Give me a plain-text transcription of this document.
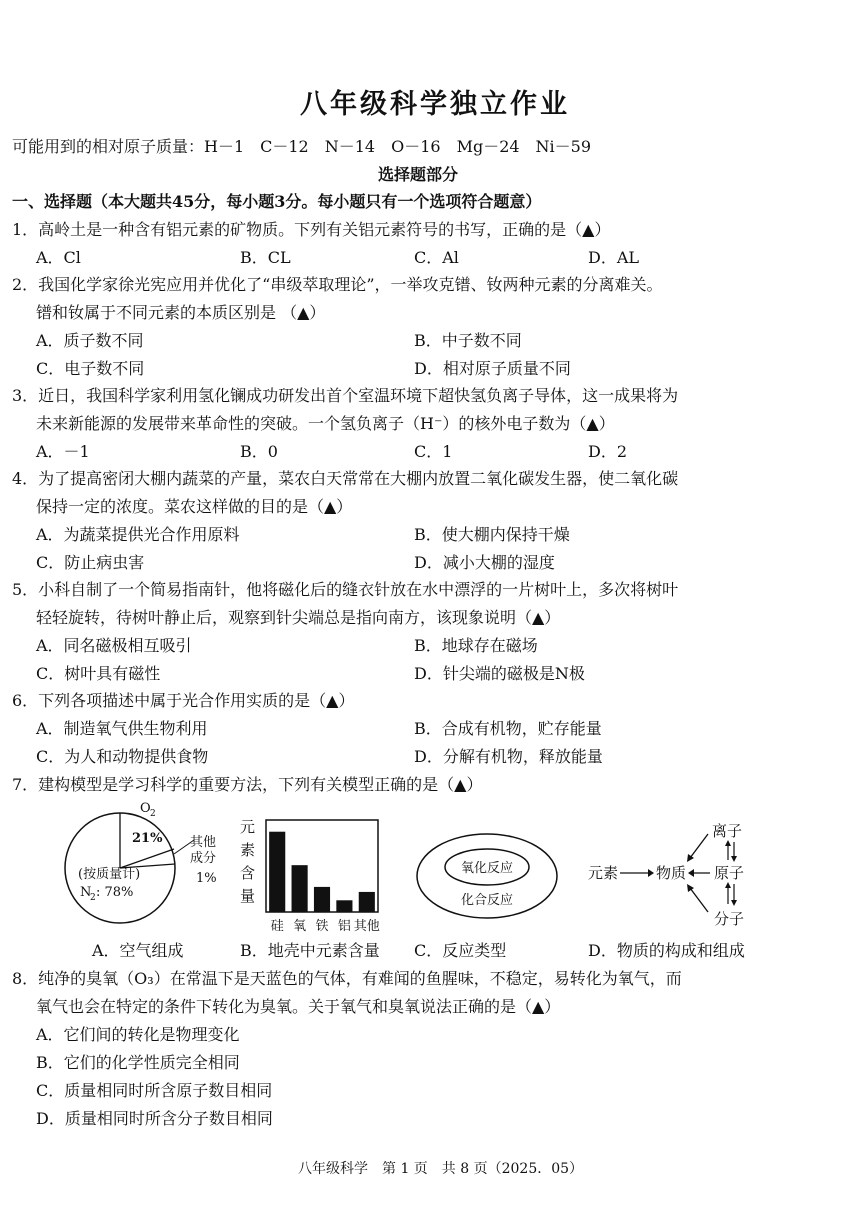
八年级科学独立作业
可能用到的相对原子质量：H－1　C－12　N－14　O－16　Mg－24　Ni－59
选择题部分
一、选择题（本大题共45分，每小题3分。每小题只有一个选项符合题意）
1．高岭土是一种含有铝元素的矿物质。下列有关铝元素符号的书写，正确的是（▲）
A．Cl	B．CL	C．Al	D．AL
2．我国化学家徐光宪应用并优化了“串级萃取理论”，一举攻克镨、钕两种元素的分离难关。
镨和钕属于不同元素的本质区别是 （▲）
A．质子数不同	B．中子数不同
C．电子数不同	D．相对原子质量不同
3．近日，我国科学家利用氢化镧成功研发出首个室温环境下超快氢负离子导体，这一成果将为
未来新能源的发展带来革命性的突破。一个氢负离子（H⁻）的核外电子数为（▲）
A．－1	B．0	C．1	D．2
4．为了提高密闭大棚内蔬菜的产量，菜农白天常常在大棚内放置二氧化碳发生器，使二氧化碳
保持一定的浓度。菜农这样做的目的是（▲）
A．为蔬菜提供光合作用原料	B．使大棚内保持干燥
C．防止病虫害	D．减小大棚的湿度
5．小科自制了一个简易指南针，他将磁化后的缝衣针放在水中漂浮的一片树叶上，多次将树叶
轻轻旋转，待树叶静止后，观察到针尖端总是指向南方，该现象说明（▲）
A．同名磁极相互吸引	B．地球存在磁场
C．树叶具有磁性	D．针尖端的磁极是N极
6．下列各项描述中属于光合作用实质的是（▲）
A．制造氧气供生物利用	B．合成有机物，贮存能量
C．为人和动物提供食物	D．分解有机物，释放能量
7．建构模型是学习科学的重要方法，下列有关模型正确的是（▲）
O 2
21% 其他
成分
1%
(按质量计)
N
2 : 78%
元
素
含
量
硅 氧 铁 铝 其他
氧化反应
化合反应
元素	物质
离子
原子
分子
A．空气组成	B．地壳中元素含量 C．反应类型	D．物质的构成和组成
8．纯净的臭氧（O₃）在常温下是天蓝色的气体，有难闻的鱼腥味，不稳定，易转化为氧气，而
氧气也会在特定的条件下转化为臭氧。关于氧气和臭氧说法正确的是（▲）
A．它们间的转化是物理变化
B．它们的化学性质完全相同
C．质量相同时所含原子数目相同
D．质量相同时所含分子数目相同
八年级科学　第 1 页　共 8 页（2025．05）
